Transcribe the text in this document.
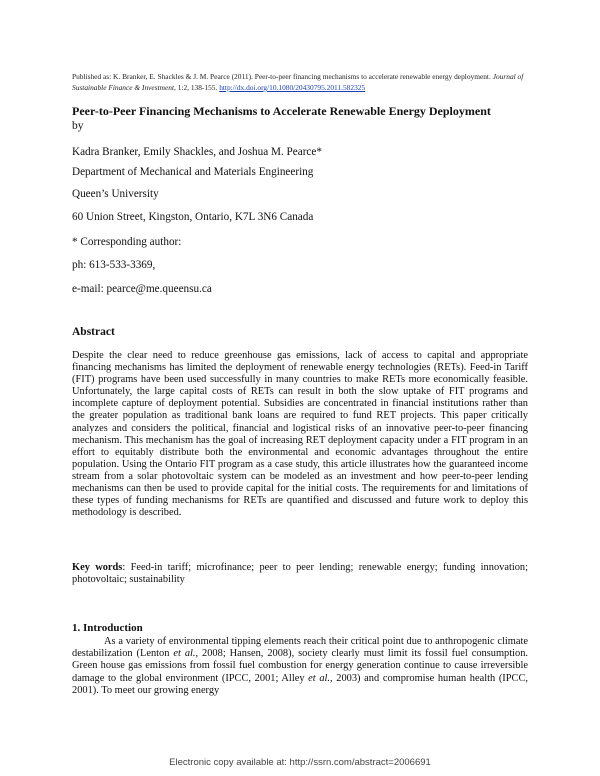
Published as: K. Branker, E. Shackles & J. M. Pearce (2011). Peer-to-peer financing mechanisms to accelerate renewable energy deployment. Journal of Sustainable Finance & Investment, 1:2, 138-155. http://dx.doi.org/10.1080/20430795.2011.582325
Peer-to-Peer Financing Mechanisms to Accelerate Renewable Energy Deployment
by
Kadra Branker, Emily Shackles, and Joshua M. Pearce*
Department of Mechanical and Materials Engineering
Queen’s University
60 Union Street, Kingston, Ontario, K7L 3N6 Canada
* Corresponding author:
ph: 613-533-3369,
e-mail: pearce@me.queensu.ca
Abstract
Despite the clear need to reduce greenhouse gas emissions, lack of access to capital and appropriate financing mechanisms has limited the deployment of renewable energy technologies (RETs). Feed-in Tariff (FIT) programs have been used successfully in many countries to make RETs more economically feasible. Unfortunately, the large capital costs of RETs can result in both the slow uptake of FIT programs and incomplete capture of deployment potential. Subsidies are concentrated in financial institutions rather than the greater population as traditional bank loans are required to fund RET projects. This paper critically analyzes and considers the political, financial and logistical risks of an innovative peer-to-peer financing mechanism. This mechanism has the goal of increasing RET deployment capacity under a FIT program in an effort to equitably distribute both the environmental and economic advantages throughout the entire population. Using the Ontario FIT program as a case study, this article illustrates how the guaranteed income stream from a solar photovoltaic system can be modeled as an investment and how peer-to-peer lending mechanisms can then be used to provide capital for the initial costs. The requirements for and limitations of these types of funding mechanisms for RETs are quantified and discussed and future work to deploy this methodology is described.
Key words: Feed-in tariff; microfinance; peer to peer lending; renewable energy; funding innovation; photovoltaic; sustainability
1. Introduction
As a variety of environmental tipping elements reach their critical point due to anthropogenic climate destabilization (Lenton et al., 2008; Hansen, 2008), society clearly must limit its fossil fuel consumption. Green house gas emissions from fossil fuel combustion for energy generation continue to cause irreversible damage to the global environment (IPCC, 2001; Alley et al., 2003) and compromise human health (IPCC, 2001). To meet our growing energy
Electronic copy available at: http://ssrn.com/abstract=2006691
